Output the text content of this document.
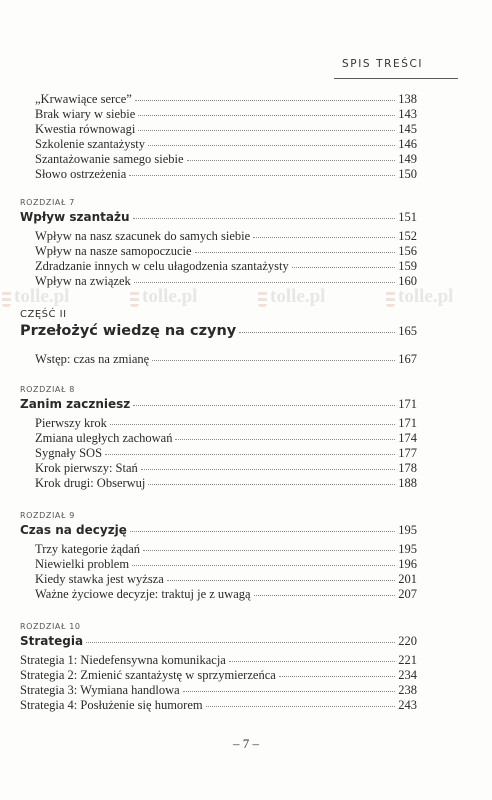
SPIS TREŚCI
tolle.pl	tolle.pl	tolle.pl	tolle.pl
„Krwawiące serce”	138
Brak wiary w siebie	143
Kwestia równowagi	145
Szkolenie szantażysty	146
Szantażowanie samego siebie	149
Słowo ostrzeżenia	150
ROZDZIAŁ 7
Wpływ szantażu	151
Wpływ na nasz szacunek do samych siebie	152
Wpływ na nasze samopoczucie	156
Zdradzanie innych w celu ułagodzenia szantażysty	159
Wpływ na związek	160
CZĘŚĆ II
Przełożyć wiedzę na czyny	165
Wstęp: czas na zmianę	167
ROZDZIAŁ 8
Zanim zaczniesz	171
Pierwszy krok	171
Zmiana uległych zachowań	174
Sygnały SOS	177
Krok pierwszy: Stań	178
Krok drugi: Obserwuj	188
ROZDZIAŁ 9
Czas na decyzję	195
Trzy kategorie żądań	195
Niewielki problem	196
Kiedy stawka jest wyższa	201
Ważne życiowe decyzje: traktuj je z uwagą	207
ROZDZIAŁ 10
Strategia	220
Strategia 1: Niedefensywna komunikacja	221
Strategia 2: Zmienić szantażystę w sprzymierzeńca	234
Strategia 3: Wymiana handlowa	238
Strategia 4: Posłużenie się humorem	243
– 7 –
